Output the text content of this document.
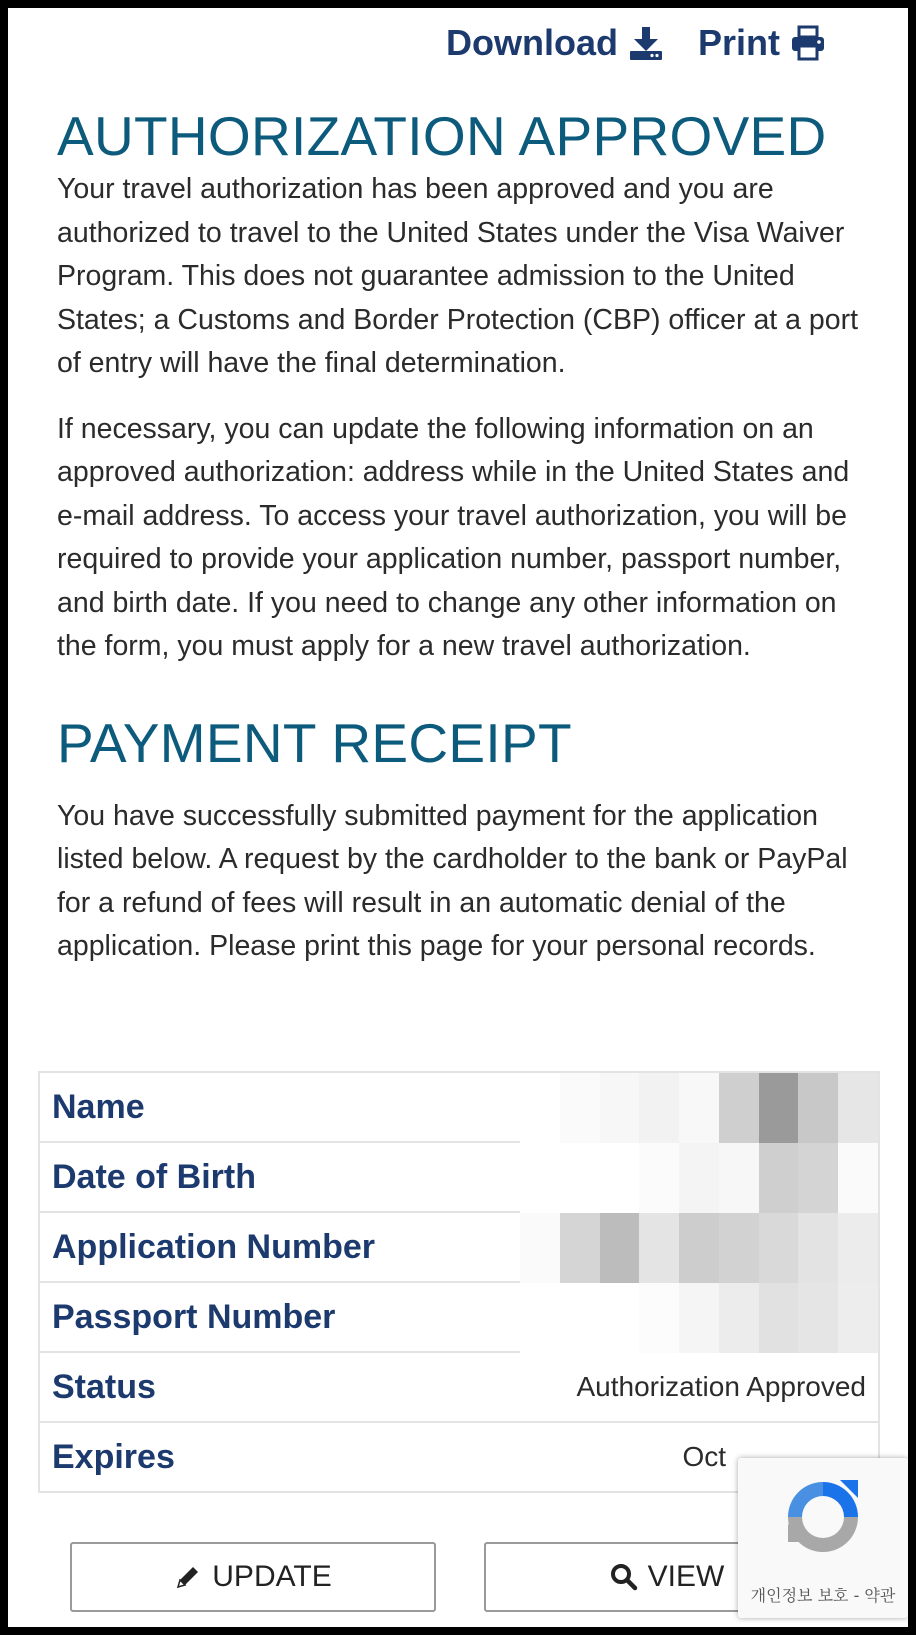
Download Print
AUTHORIZATION APPROVED

Your travel authorization has been approved and you are authorized to travel to the United States under the Visa Waiver Program. This does not guarantee admission to the United States; a Customs and Border Protection (CBP) officer at a port of entry will have the final determination.

If necessary, you can update the following information on an approved authorization: address while in the United States and e-mail address. To access your travel authorization, you will be required to provide your application number, passport number, and birth date. If you need to change any other information on the form, you must apply for a new travel authorization.

PAYMENT RECEIPT

You have successfully submitted payment for the application listed below. A request by the cardholder to the bank or PayPal for a refund of fees will result in an automatic denial of the application. Please print this page for your personal records.

Name
Date of Birth
Application Number
Passport Number
Status	Authorization Approved
Expires	Oct
UPDATE	VIEW
개인정보 보호 - 약관
